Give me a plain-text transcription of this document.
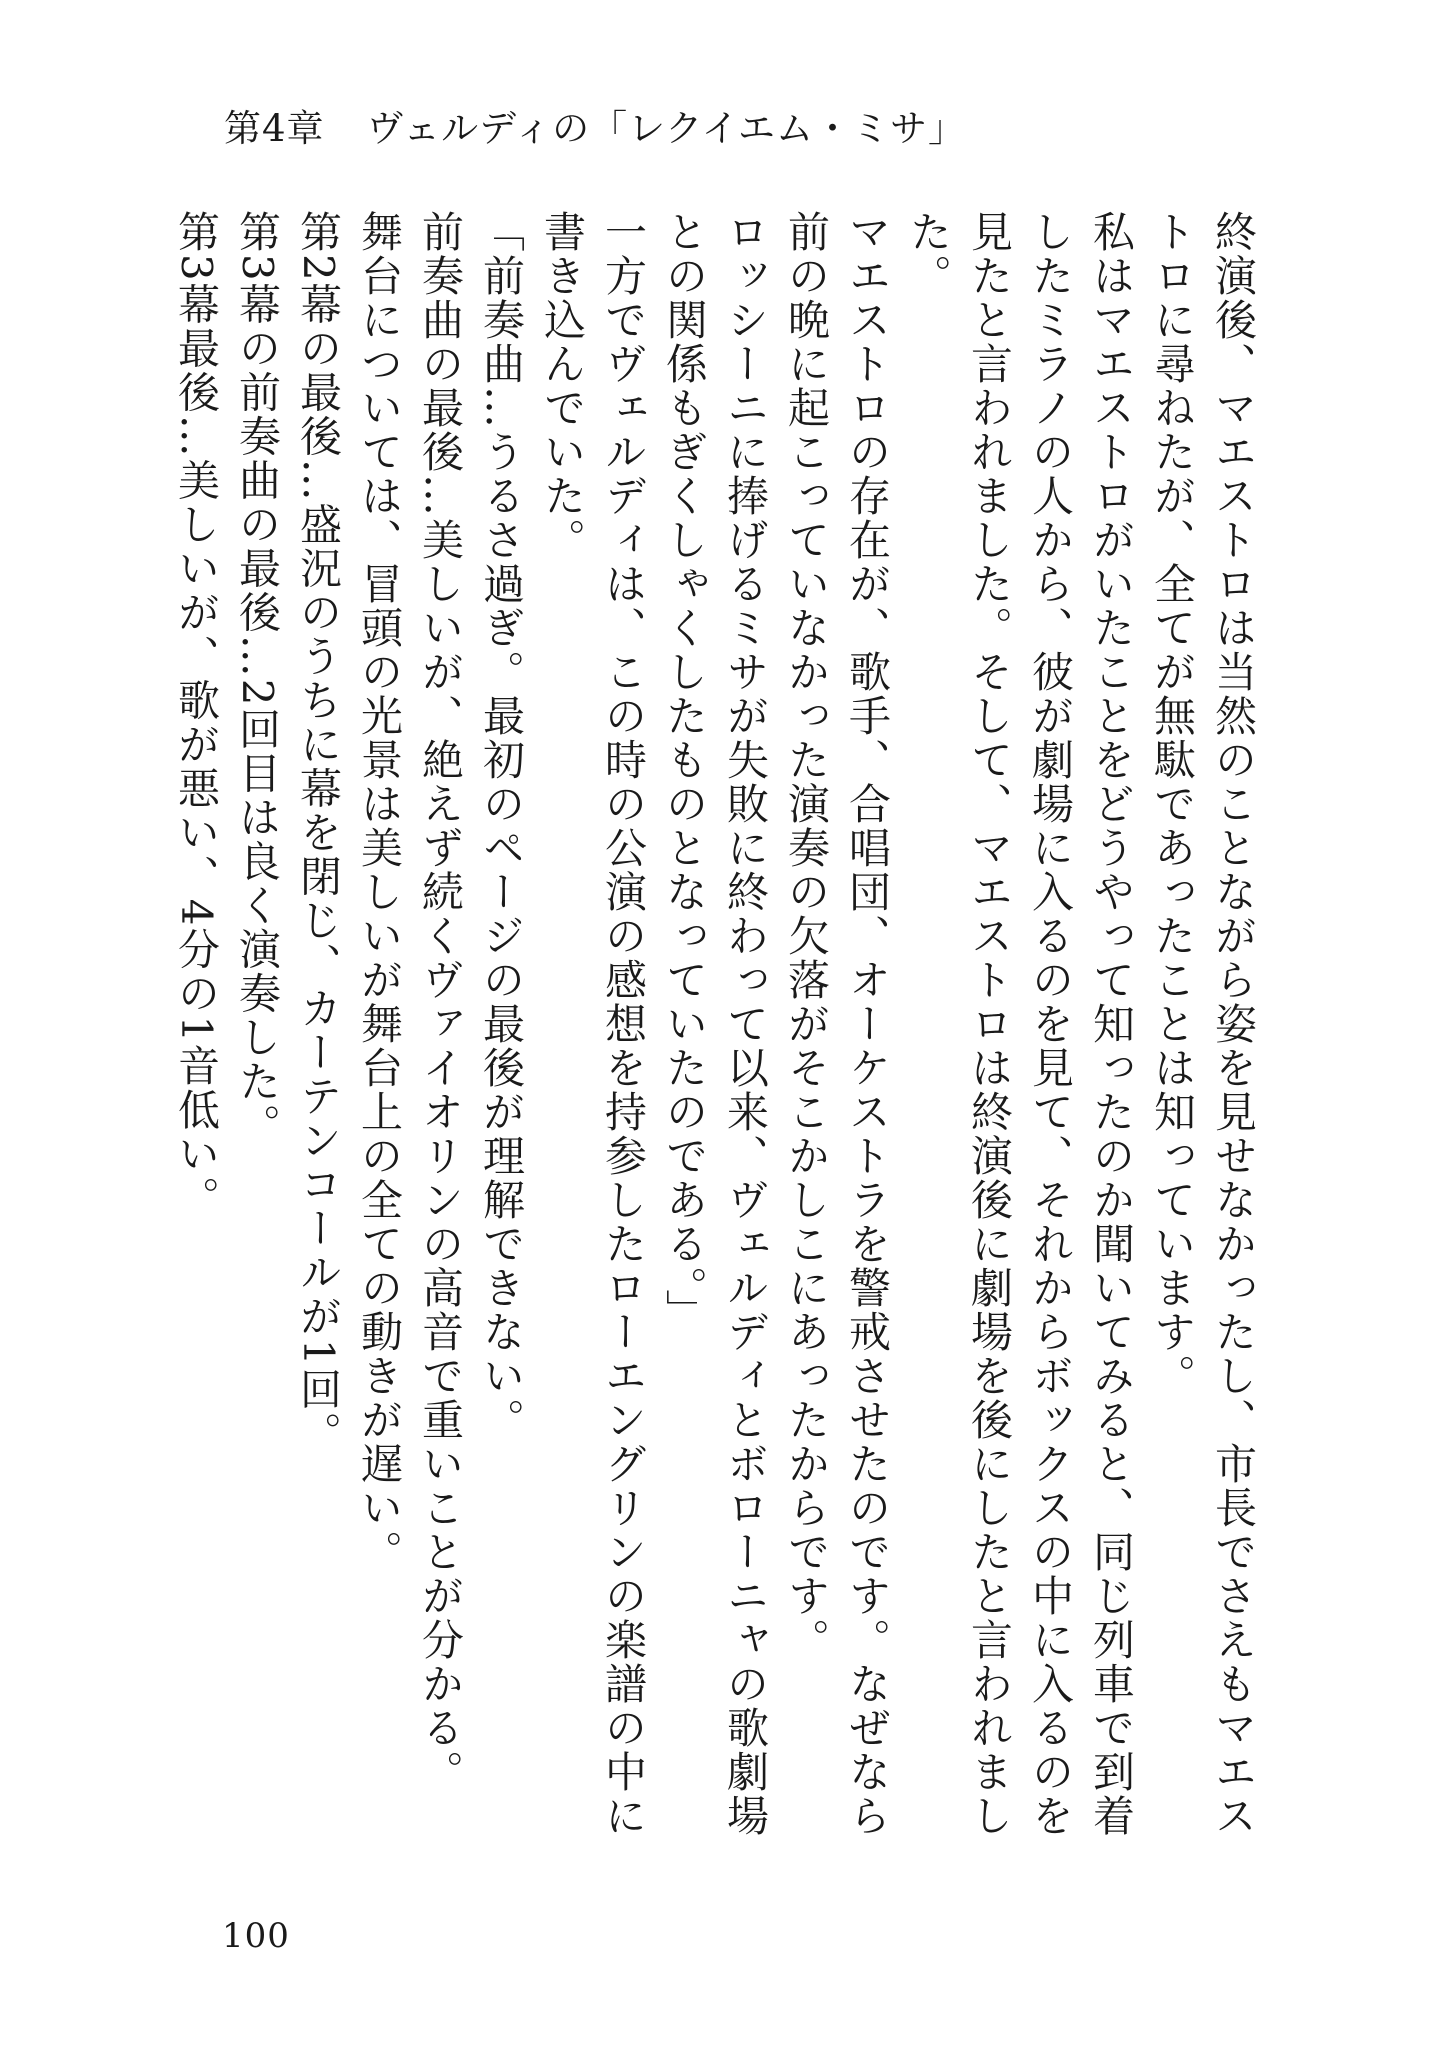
第4章 ヴェルディの「レクイエム・ミサ」

終演後、マエストロは当然のことながら姿を見せなかったし、市長でさえもマエストロに尋ねたが、全てが無駄であったことは知っています。

私はマエストロがいたことをどうやって知ったのか聞いてみると、同じ列車で到着したミラノの人から、彼が劇場に入るのを見て、それからボックスの中に入るのを見たと言われました。そして、マエストロは終演後に劇場を後にしたと言われました。

マエストロの存在が、歌手、合唱団、オーケストラを警戒させたのです。なぜなら前の晩に起こっていなかった演奏の欠落がそこかしこにあったからです。

ロッシーニに捧げるミサが失敗に終わって以来、ヴェルディとボローニャの歌劇場との関係もぎくしゃくしたものとなっていたのである。」

一方でヴェルディは、この時の公演の感想を持参したローエングリンの楽譜の中に書き込んでいた。

「前奏曲…うるさ過ぎ。最初のページの最後が理解できない。

前奏曲の最後…美しいが、絶えず続くヴァイオリンの高音で重いことが分かる。

舞台については、冒頭の光景は美しいが舞台上の全ての動きが遅い。

第2幕の最後…盛況のうちに幕を閉じ、カーテンコールが1回。

第3幕の前奏曲の最後…2回目は良く演奏した。

第3幕最後…美しいが、歌が悪い、4分の1音低い。

100
